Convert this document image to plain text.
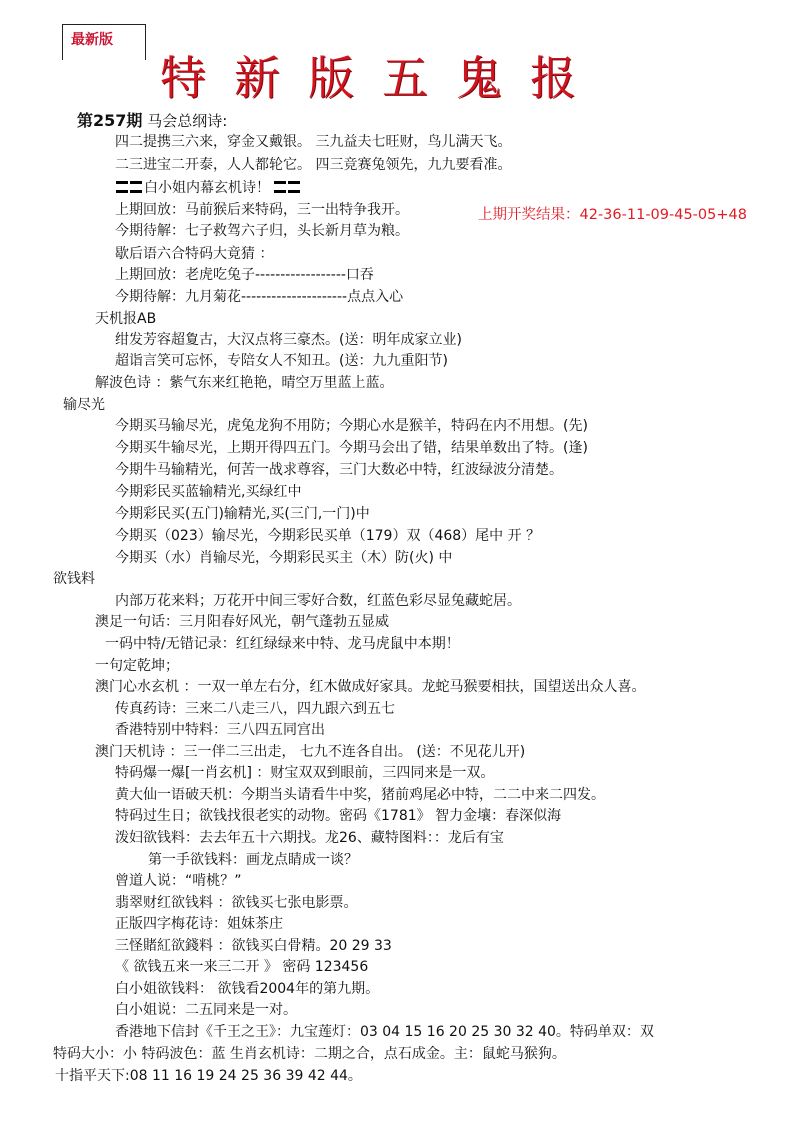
最新版
特新版五鬼报
第257期 马会总纲诗:
上期开奖结果：42-36-11-09-45-05+48
四二提携三六来，穿金又戴银。 三九益夫七旺财，鸟儿满天飞。
二三进宝二开泰，人人都轮它。 四三竞赛兔领先，九九要看准。
白小姐内幕玄机诗！
上期回放：马前猴后来特码，三一出特争我开。
今期待解：七子救驾六子归，头长新月草为粮。
歇后语六合特码大竟猜 ：
上期回放：老虎吃兔子------------------口吞
今期待解：九月菊花---------------------点点入心
天机报AB
绀发芳容超夐古，大汉点将三豪杰。(送：明年成家立业)
超诣言笑可忘怀，专陪女人不知丑。(送：九九重阳节)
解波色诗 ：紫气东来红艳艳，晴空万里蓝上蓝。
输尽光
今期买马输尽光，虎兔龙狗不用防；今期心水是猴羊，特码在内不用想。(先)
今期买牛输尽光，上期开得四五门。今期马会出了错，结果单数出了特。(逢)
今期牛马输精光，何苦一战求尊容，三门大数必中特，红波绿波分清楚。
今期彩民买蓝输精光,买绿红中
今期彩民买(五门)输精光,买(三门,一门)中
今期买（023）输尽光，今期彩民买单（179）双（468）尾中 开 ？
今期买（水）肖输尽光，今期彩民买主（木）防(火) 中
欲钱料
内部万花来料；万花开中间三零好合数，红蓝色彩尽显兔藏蛇居。
澳足一句话：三月阳春好风光，朝气蓬勃五显威
一码中特/无错记录：红红绿绿来中特、龙马虎鼠中本期！
一句定乾坤；
澳门心水玄机 ：一双一单左右分，红木做成好家具。龙蛇马猴要相扶，国望送出众人喜。
传真药诗：三来二八走三八，四九跟六到五七
香港特别中特料：三八四五同宫出
澳门天机诗 ：三一伴二三出走， 七九不连各自出。 (送：不见花儿开)
特码爆一爆[一肖玄机] ：财宝双双到眼前，三四同来是一双。
黄大仙一语破天机：今期当头请看牛中奖，猪前鸡尾必中特，二二中来二四发。
特码过生日；欲钱找很老实的动物。密码《1781》 智力金壤：春深似海
泼妇欲钱料：去去年五十六期找。龙26、藏特图料：：龙后有宝
第一手欲钱料：画龙点睛成一谈？
曾道人说：“啃桃？”
翡翠财红欲钱料 ：欲钱买七张电影票。
正版四字梅花诗：姐妹茶庄
三怪賭紅欲錢料 ：欲钱买白骨精。20 29 33
《 欲钱五来一来三二开 》 密码 123456
白小姐欲钱料： 欲钱看2004年的第九期。
白小姐说：二五同来是一对。
香港地下信封《千王之王》：九宝莲灯：03 04 15 16 20 25 30 32 40。特码单双：双
特码大小：小 特码波色：蓝 生肖玄机诗：二期之合，点石成金。主：鼠蛇马猴狗。
十指平天下:08 11 16 19 24 25 36 39 42 44。
